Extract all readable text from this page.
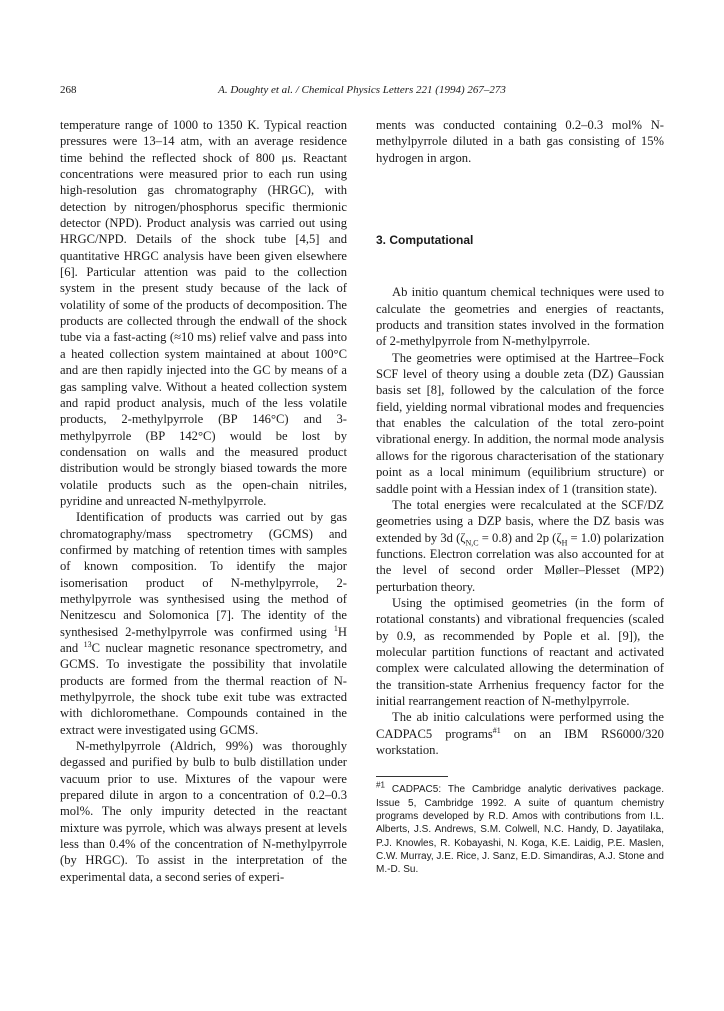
268	A. Doughty et al. / Chemical Physics Letters 221 (1994) 267–273

temperature range of 1000 to 1350 K. Typical reaction pressures were 13–14 atm, with an average residence time behind the reflected shock of 800 μs. Reactant concentrations were measured prior to each run using high-resolution gas chromatography (HRGC), with detection by nitrogen/phosphorus specific thermionic detector (NPD). Product analysis was carried out using HRGC/NPD. Details of the shock tube [4,5] and quantitative HRGC analysis have been given elsewhere [6]. Particular attention was paid to the collection system in the present study because of the lack of volatility of some of the products of decomposition. The products are collected through the endwall of the shock tube via a fast-acting (≈10 ms) relief valve and pass into a heated collection system maintained at about 100°C and are then rapidly injected into the GC by means of a gas sampling valve. Without a heated collection system and rapid product analysis, much of the less volatile products, 2-methylpyrrole (BP 146°C) and 3-methylpyrrole (BP 142°C) would be lost by condensation on walls and the measured product distribution would be strongly biased towards the more volatile products such as the open-chain nitriles, pyridine and unreacted N-methylpyrrole.

Identification of products was carried out by gas chromatography/mass spectrometry (GCMS) and confirmed by matching of retention times with samples of known composition. To identify the major isomerisation product of N-methylpyrrole, 2-methylpyrrole was synthesised using the method of Nenitzescu and Solomonica [7]. The identity of the synthesised 2-methylpyrrole was confirmed using $^1$H and $^{13}$C nuclear magnetic resonance spectrometry, and GCMS. To investigate the possibility that involatile products are formed from the thermal reaction of N-methylpyrrole, the shock tube exit tube was extracted with dichloromethane. Compounds contained in the extract were investigated using GCMS.

N-methylpyrrole (Aldrich, 99%) was thoroughly degassed and purified by bulb to bulb distillation under vacuum prior to use. Mixtures of the vapour were prepared dilute in argon to a concentration of 0.2–0.3 mol%. The only impurity detected in the reactant mixture was pyrrole, which was always present at levels less than 0.4% of the concentration of N-methylpyrrole (by HRGC). To assist in the interpretation of the experimental data, a second series of experi-

ments was conducted containing 0.2–0.3 mol% N-methylpyrrole diluted in a bath gas consisting of 15% hydrogen in argon.

3. Computational

Ab initio quantum chemical techniques were used to calculate the geometries and energies of reactants, products and transition states involved in the formation of 2-methylpyrrole from N-methylpyrrole.

The geometries were optimised at the Hartree–Fock SCF level of theory using a double zeta (DZ) Gaussian basis set [8], followed by the calculation of the force field, yielding normal vibrational modes and frequencies that enables the calculation of the total zero-point vibrational energy. In addition, the normal mode analysis allows for the rigorous characterisation of the stationary point as a local minimum (equilibrium structure) or saddle point with a Hessian index of 1 (transition state).

The total energies were recalculated at the SCF/DZ geometries using a DZP basis, where the DZ basis was extended by 3d $(\zeta_{N,C} = 0.8)$ and 2p $(\zeta_H = 1.0)$ polarization functions. Electron correlation was also accounted for at the level of second order Møller–Plesset (MP2) perturbation theory.

Using the optimised geometries (in the form of rotational constants) and vibrational frequencies (scaled by 0.9, as recommended by Pople et al. [9]), the molecular partition functions of reactant and activated complex were calculated allowing the determination of the transition-state Arrhenius frequency factor for the initial rearrangement reaction of N-methylpyrrole.

The ab initio calculations were performed using the CADPAC5 programs$^{\#1}$ on an IBM RS6000/320 workstation.

$^{\#1}$ CADPAC5: The Cambridge analytic derivatives package. Issue 5, Cambridge 1992. A suite of quantum chemistry programs developed by R.D. Amos with contributions from I.L. Alberts, J.S. Andrews, S.M. Colwell, N.C. Handy, D. Jayatilaka, P.J. Knowles, R. Kobayashi, N. Koga, K.E. Laidig, P.E. Maslen, C.W. Murray, J.E. Rice, J. Sanz, E.D. Simandiras, A.J. Stone and M.-D. Su.
